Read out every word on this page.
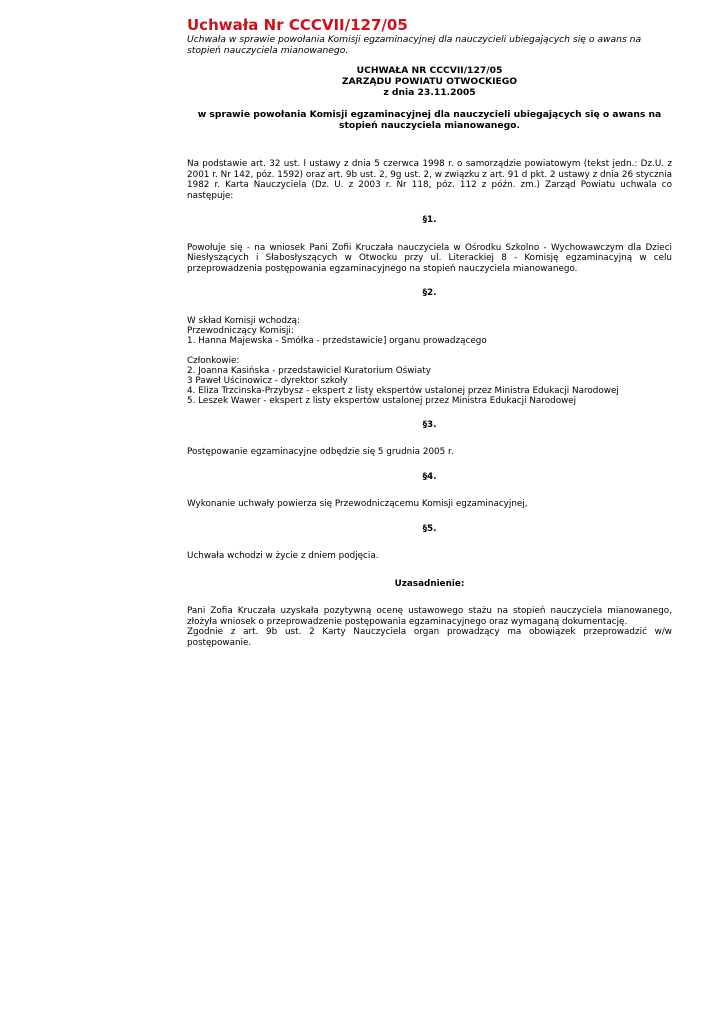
Uchwała Nr CCCVII/127/05

Uchwała w sprawie powołania Komisji egzaminacyjnej dla nauczycieli ubiegających się o awans na stopień nauczyciela mianowanego.

UCHWAŁA NR CCCVII/127/05
ZARZĄDU POWIATU OTWOCKIEGO
z dnia 23.11.2005
w sprawie powołania Komisji egzaminacyjnej dla nauczycieli ubiegających się o awans na stopień nauczyciela mianowanego.

Na podstawie art. 32 ust. l ustawy z dnia 5 czerwca 1998 r. o samorządzie powiatowym (tekst jedn.: Dz.U. z 2001 r. Nr 142, póz. 1592) oraz art. 9b ust. 2, 9g ust. 2, w związku z art. 91 d pkt. 2 ustawy z dnia 26 stycznia 1982 r. Karta Nauczyciela (Dz. U. z 2003 r. Nr 118, póz. 112 z późn. zm.) Zarząd Powiatu uchwala co następuje:

§1.

Powołuje się - na wniosek Pani Zofii Kruczała nauczyciela w Ośrodku Szkolno - Wychowawczym dla Dzieci Niesłyszących i Słabosłyszących w Otwocku przy ul. Literackiej 8 - Komisję egzaminacyjną w celu przeprowadzenia postępowania egzaminacyjnego na stopień nauczyciela mianowanego.

§2.
W skład Komisji wchodzą:
Przewodniczący Komisji:
1. Hanna Majewska - Smółka - przedstawicie] organu prowadzącego
Członkowie:
2. Joanna Kasińska - przedstawiciel Kuratorium Oświaty
3 Paweł Uścinowicz - dyrektor szkoły
4. Eliza Trzcinska-Przybysz - ekspert z listy ekspertów ustalonej przez Ministra Edukacji Narodowej
5. Leszek Wawer - ekspert z listy ekspertów ustalonej przez Ministra Edukacji Narodowej
§3.

Postępowanie egzaminacyjne odbędzie się 5 grudnia 2005 r.

§4.

Wykonanie uchwały powierza się Przewodniczącemu Komisji egzaminacyjnej,

§5.

Uchwała wchodzi w życie z dniem podjęcia.

Uzasadnienie:

Pani Zofia Kruczała uzyskała pozytywną ocenę ustawowego stażu na stopień nauczyciela mianowanego, złożyła wniosek o przeprowadzenie postępowania egzaminacyjnego oraz wymaganą dokumentację.

Zgodnie z art. 9b ust. 2 Karty Nauczyciela organ prowadzący ma obowiązek przeprowadzić w/w postępowanie.
